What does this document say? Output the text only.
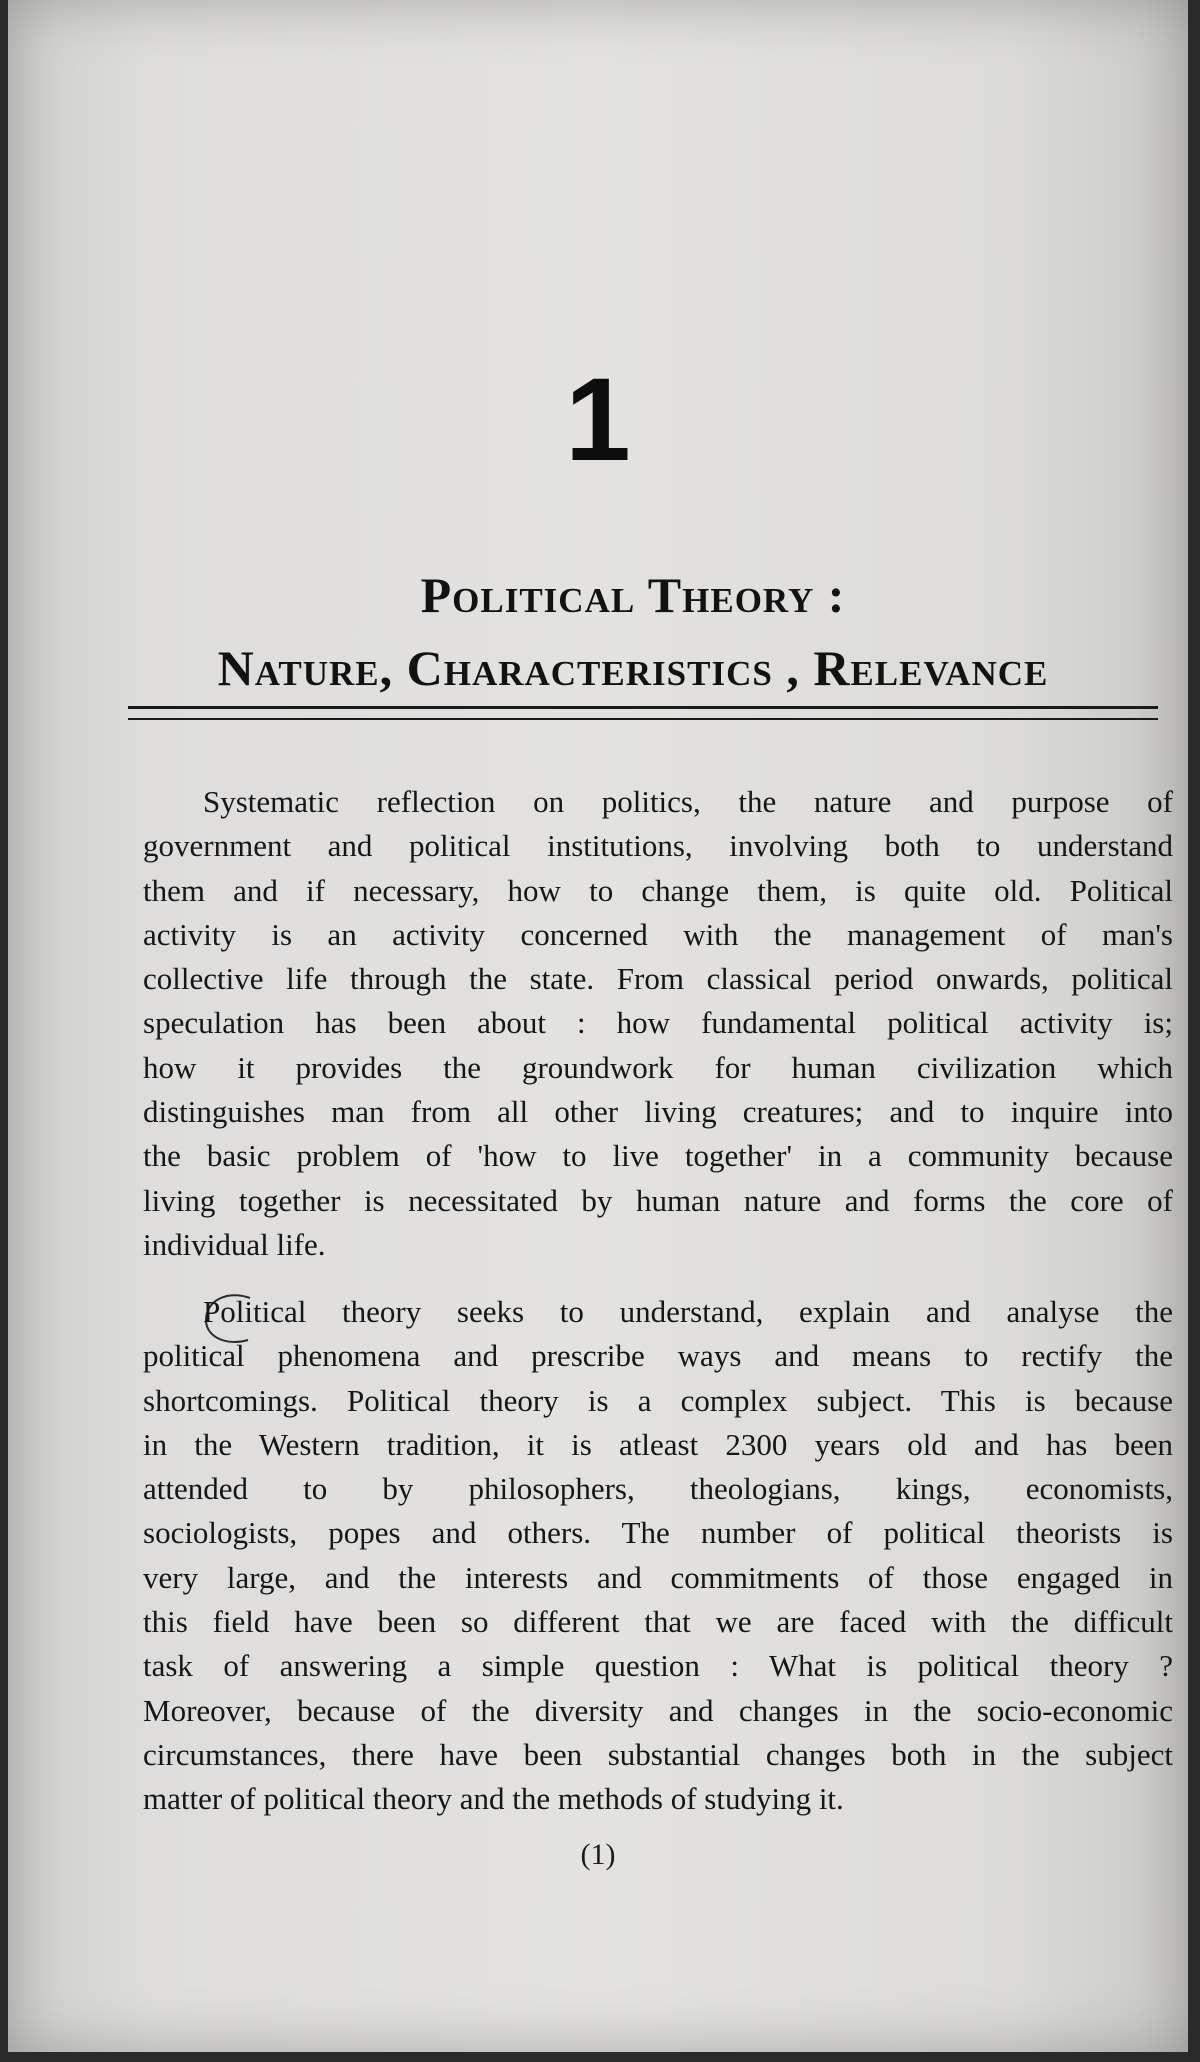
1
Political Theory :
Nature, Characteristics , Relevance
Systematic reflection on politics, the nature and purpose of
government and political institutions, involving both to understand
them and if necessary, how to change them, is quite old. Political
activity is an activity concerned with the management of man's
collective life through the state. From classical period onwards, political
speculation has been about : how fundamental political activity is;
how it provides the groundwork for human civilization which
distinguishes man from all other living creatures; and to inquire into
the basic problem of 'how to live together' in a community because
living together is necessitated by human nature and forms the core of
individual life.
Political theory seeks to understand, explain and analyse the
political phenomena and prescribe ways and means to rectify the
shortcomings. Political theory is a complex subject. This is because
in the Western tradition, it is atleast 2300 years old and has been
attended to by philosophers, theologians, kings, economists,
sociologists, popes and others. The number of political theorists is
very large, and the interests and commitments of those engaged in
this field have been so different that we are faced with the difficult
task of answering a simple question : What is political theory ?
Moreover, because of the diversity and changes in the socio-economic
circumstances, there have been substantial changes both in the subject
matter of political theory and the methods of studying it.
(1)
